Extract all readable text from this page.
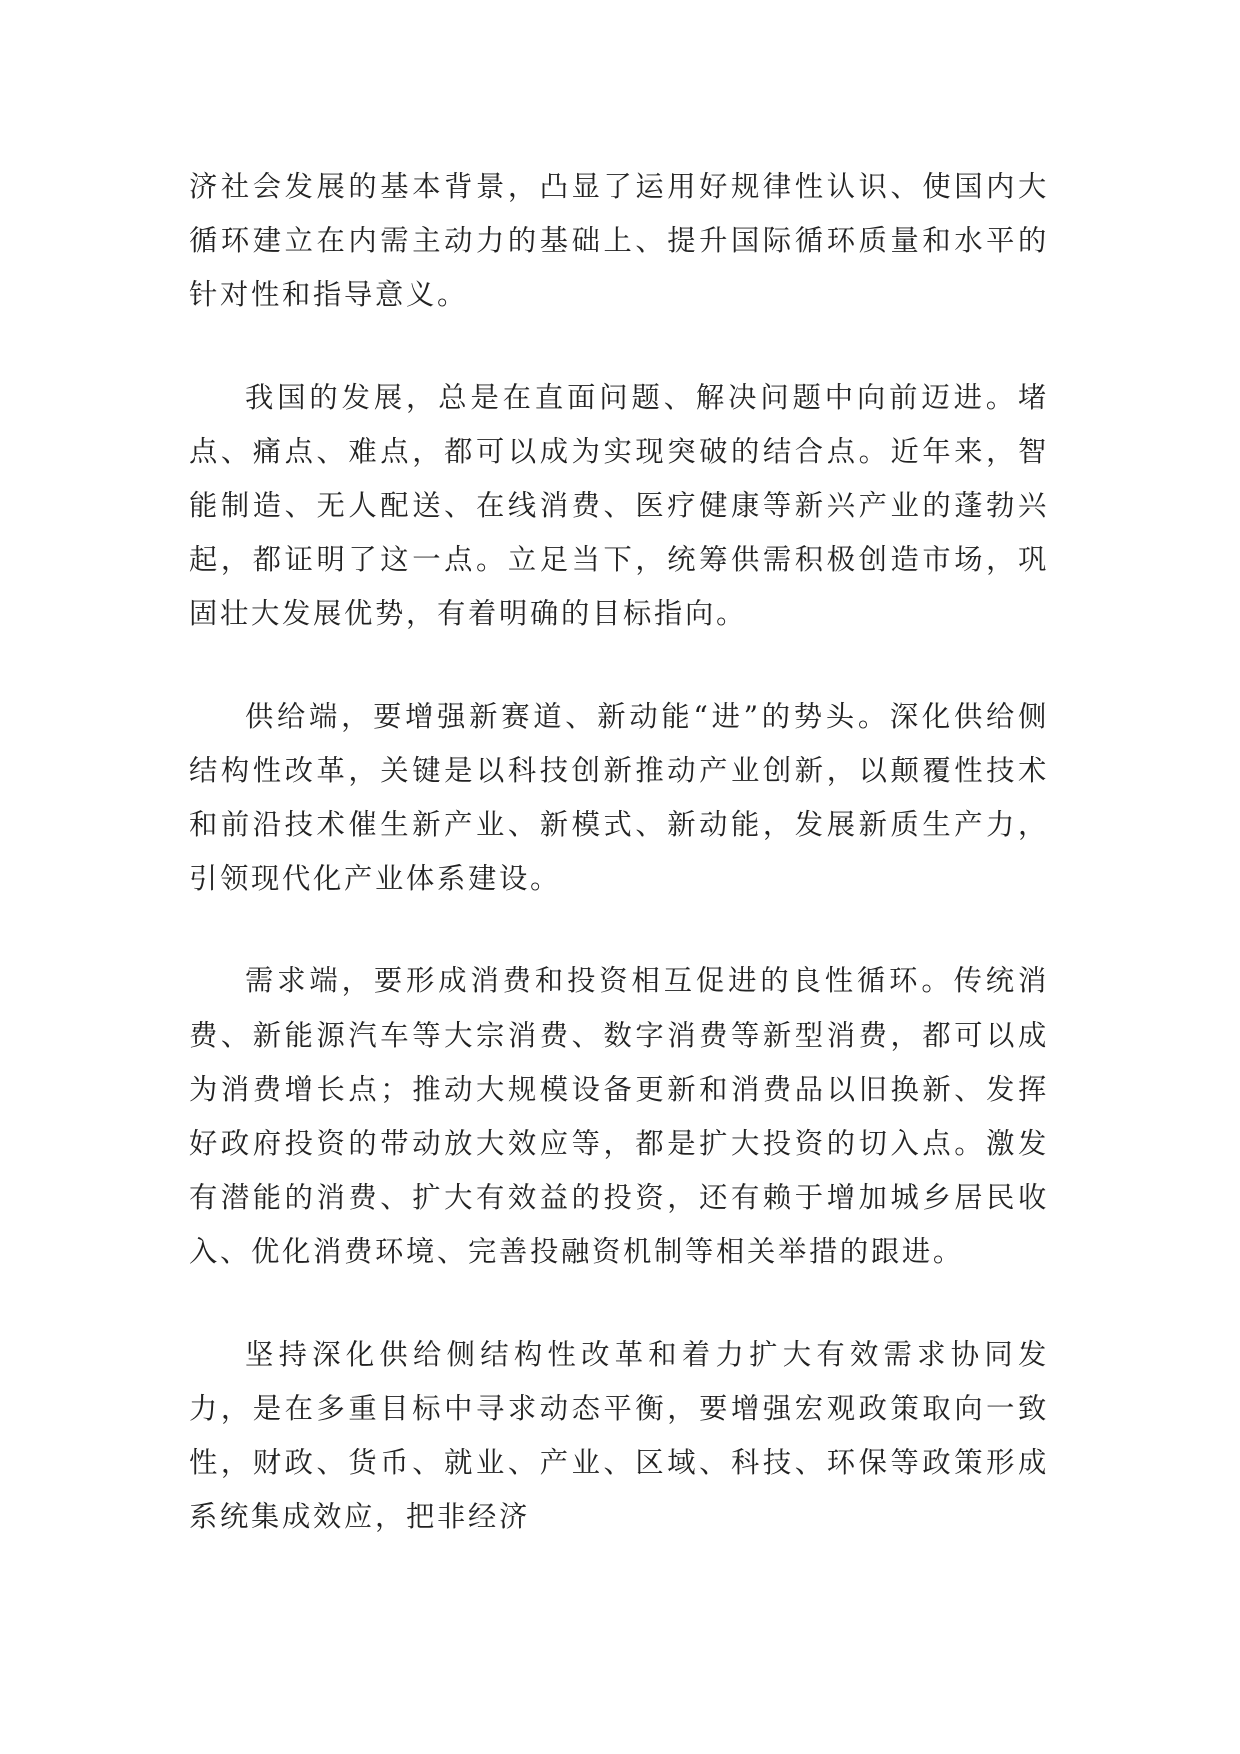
济社会发展的基本背景，凸显了运用好规律性认识、使国内大循环建立在内需主动力的基础上、提升国际循环质量和水平的针对性和指导意义。

我国的发展，总是在直面问题、解决问题中向前迈进。堵点、痛点、难点，都可以成为实现突破的结合点。近年来，智能制造、无人配送、在线消费、医疗健康等新兴产业的蓬勃兴起，都证明了这一点。立足当下，统筹供需积极创造市场，巩固壮大发展优势，有着明确的目标指向。

供给端，要增强新赛道、新动能“进”的势头。深化供给侧结构性改革，关键是以科技创新推动产业创新，以颠覆性技术和前沿技术催生新产业、新模式、新动能，发展新质生产力，引领现代化产业体系建设。

需求端，要形成消费和投资相互促进的良性循环。传统消费、新能源汽车等大宗消费、数字消费等新型消费，都可以成为消费增长点；推动大规模设备更新和消费品以旧换新、发挥好政府投资的带动放大效应等，都是扩大投资的切入点。激发有潜能的消费、扩大有效益的投资，还有赖于增加城乡居民收入、优化消费环境、完善投融资机制等相关举措的跟进。

坚持深化供给侧结构性改革和着力扩大有效需求协同发力，是在多重目标中寻求动态平衡，要增强宏观政策取向一致性，财政、货币、就业、产业、区域、科技、环保等政策形成系统集成效应，把非经济
